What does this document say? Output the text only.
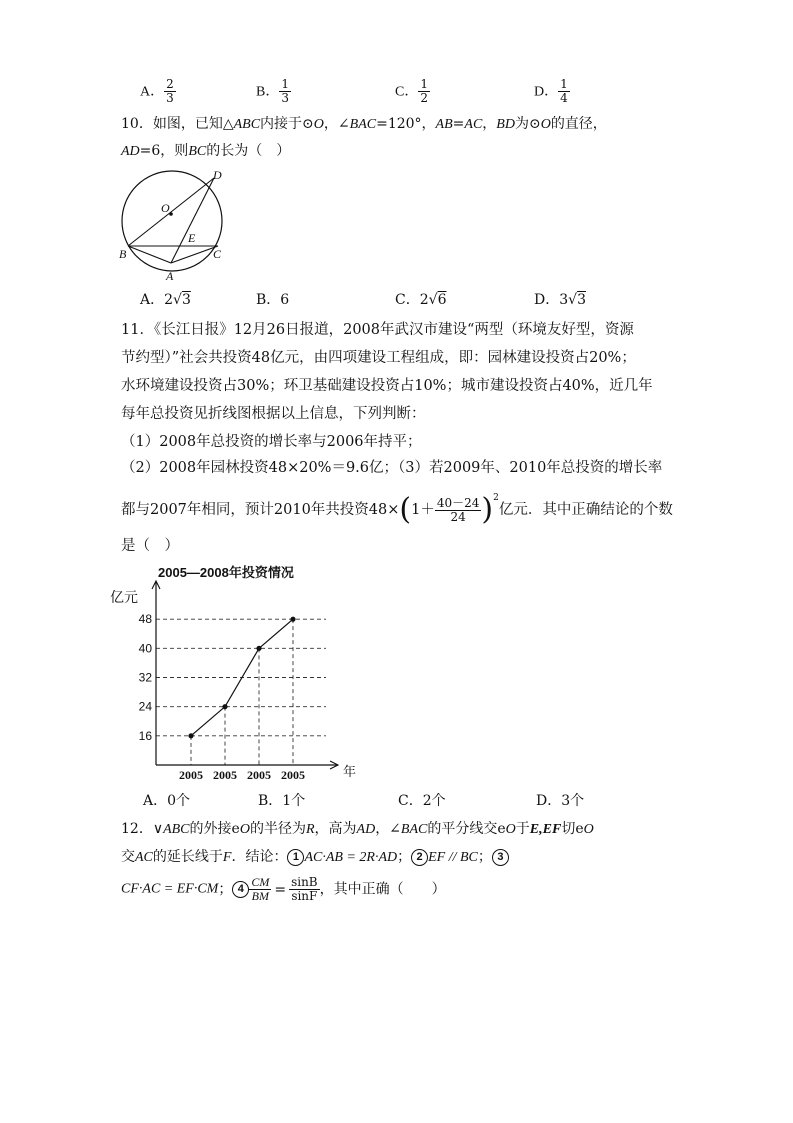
A． $\frac{2}{3}$	B． $\frac{1}{3}$	C． $\frac{1}{2}$	D． $\frac{1}{4}$
10．如图，已知△ABC内接于⊙O，∠BAC=120°，AB=AC，BD为⊙O的直径，
AD=6，则BC的长为（　）
D
O
E
B	C
A
A．2√3	B．6	C．2√6	D．3√3
11．《长江日报》12月26日报道，2008年武汉市建设“两型（环境友好型，资源
节约型）”社会共投资48亿元，由四项建设工程组成，即：园林建设投资占20%；
水环境建设投资占30%；环卫基础建设投资占10%；城市建设投资占40%，近几年
每年总投资见折线图根据以上信息，下列判断：
（1）2008年总投资的增长率与2006年持平；
（2）2008年园林投资48×20%＝9.6亿；（3）若2009年、2010年总投资的增长率
都与2007年相同，预计2010年共投资$48\times(1+ \frac{40-24}{24} )^2$亿元．其中正确结论的个数
是（　）
2005—2008年投资情况
亿元
年
16
24
32
40
48
2005 2005 2005 2005
A．0个	B．1个	C．2个	D．3个
12．∨ABC的外接eO的半径为R，高为AD，∠BAC的平分线交eO于E,EF切eO
交AC的延长线于F．结论： 1 AC·AB = 2R·AD； 2 EF // BC； 3
CF·AC = EF·CM； $4 \frac{CM}{BM} = \frac{\sin B}{\sin F}$ ，其中正确（　　）
